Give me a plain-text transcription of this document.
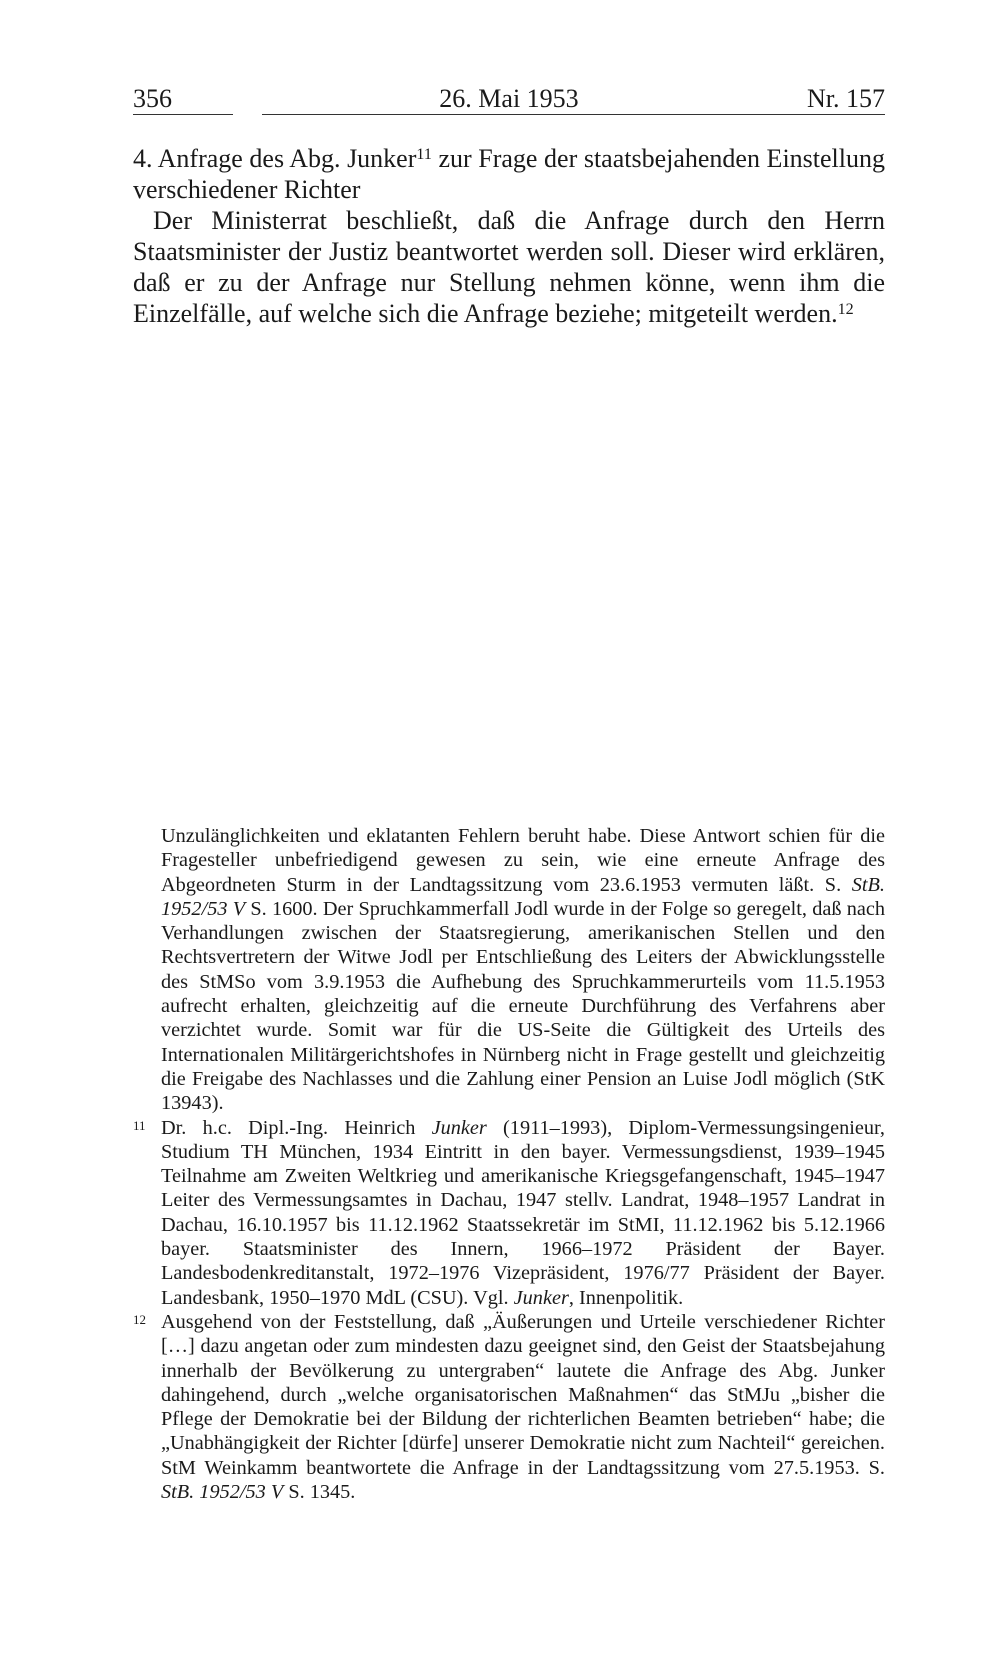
356	26. Mai 1953	Nr. 157

4. Anfrage des Abg. Junker$^{11}$ zur Frage der staatsbejahenden Einstellung verschiedener Richter

Der Ministerrat beschließt, daß die Anfrage durch den Herrn Staatsminister der Justiz beantwortet werden soll. Dieser wird erklären, daß er zu der Anfrage nur Stellung nehmen könne, wenn ihm die Einzelfälle, auf welche sich die Anfrage beziehe; mitgeteilt werden.$^{12}$

Unzulänglichkeiten und eklatanten Fehlern beruht habe. Diese Antwort schien für die Fragesteller unbefriedigend gewesen zu sein, wie eine erneute Anfrage des Abgeordneten Sturm in der Landtagssitzung vom 23.6.1953 vermuten läßt. S. StB. 1952/53 V S. 1600. Der Spruchkammerfall Jodl wurde in der Folge so geregelt, daß nach Verhandlungen zwischen der Staatsregierung, amerikanischen Stellen und den Rechtsvertretern der Witwe Jodl per Entschließung des Leiters der Abwicklungsstelle des StMSo vom 3.9.1953 die Aufhebung des Spruchkammerurteils vom 11.5.1953 aufrecht erhalten, gleichzeitig auf die erneute Durchführung des Verfahrens aber verzichtet wurde. Somit war für die US-Seite die Gültigkeit des Urteils des Internationalen Militärgerichtshofes in Nürnberg nicht in Frage gestellt und gleichzeitig die Freigabe des Nachlasses und die Zahlung einer Pension an Luise Jodl möglich (StK 13943).

11 Dr. h.c. Dipl.-Ing. Heinrich Junker (1911–1993), Diplom-Vermessungsingenieur, Studium TH München, 1934 Eintritt in den bayer. Vermessungsdienst, 1939–1945 Teilnahme am Zweiten Weltkrieg und amerikanische Kriegsgefangenschaft, 1945–1947 Leiter des Vermessungsamtes in Dachau, 1947 stellv. Landrat, 1948–1957 Landrat in Dachau, 16.10.1957 bis 11.12.1962 Staatssekretär im StMI, 11.12.1962 bis 5.12.1966 bayer. Staatsminister des Innern, 1966–1972 Präsident der Bayer. Landesbodenkreditanstalt, 1972–1976 Vizepräsident, 1976/77 Präsident der Bayer. Landesbank, 1950–1970 MdL (CSU). Vgl. Junker, Innenpolitik.

12 Ausgehend von der Feststellung, daß „Äußerungen und Urteile verschiedener Richter […] dazu angetan oder zum mindesten dazu geeignet sind, den Geist der Staatsbejahung innerhalb der Bevölkerung zu untergraben“ lautete die Anfrage des Abg. Junker dahingehend, durch „welche organisatorischen Maßnahmen“ das StMJu „bisher die Pflege der Demokratie bei der Bildung der richterlichen Beamten betrieben“ habe; die „Unabhängigkeit der Richter [dürfe] unserer Demokratie nicht zum Nachteil“ gereichen. StM Weinkamm beantwortete die Anfrage in der Landtagssitzung vom 27.5.1953. S. StB. 1952/53 V S. 1345.
